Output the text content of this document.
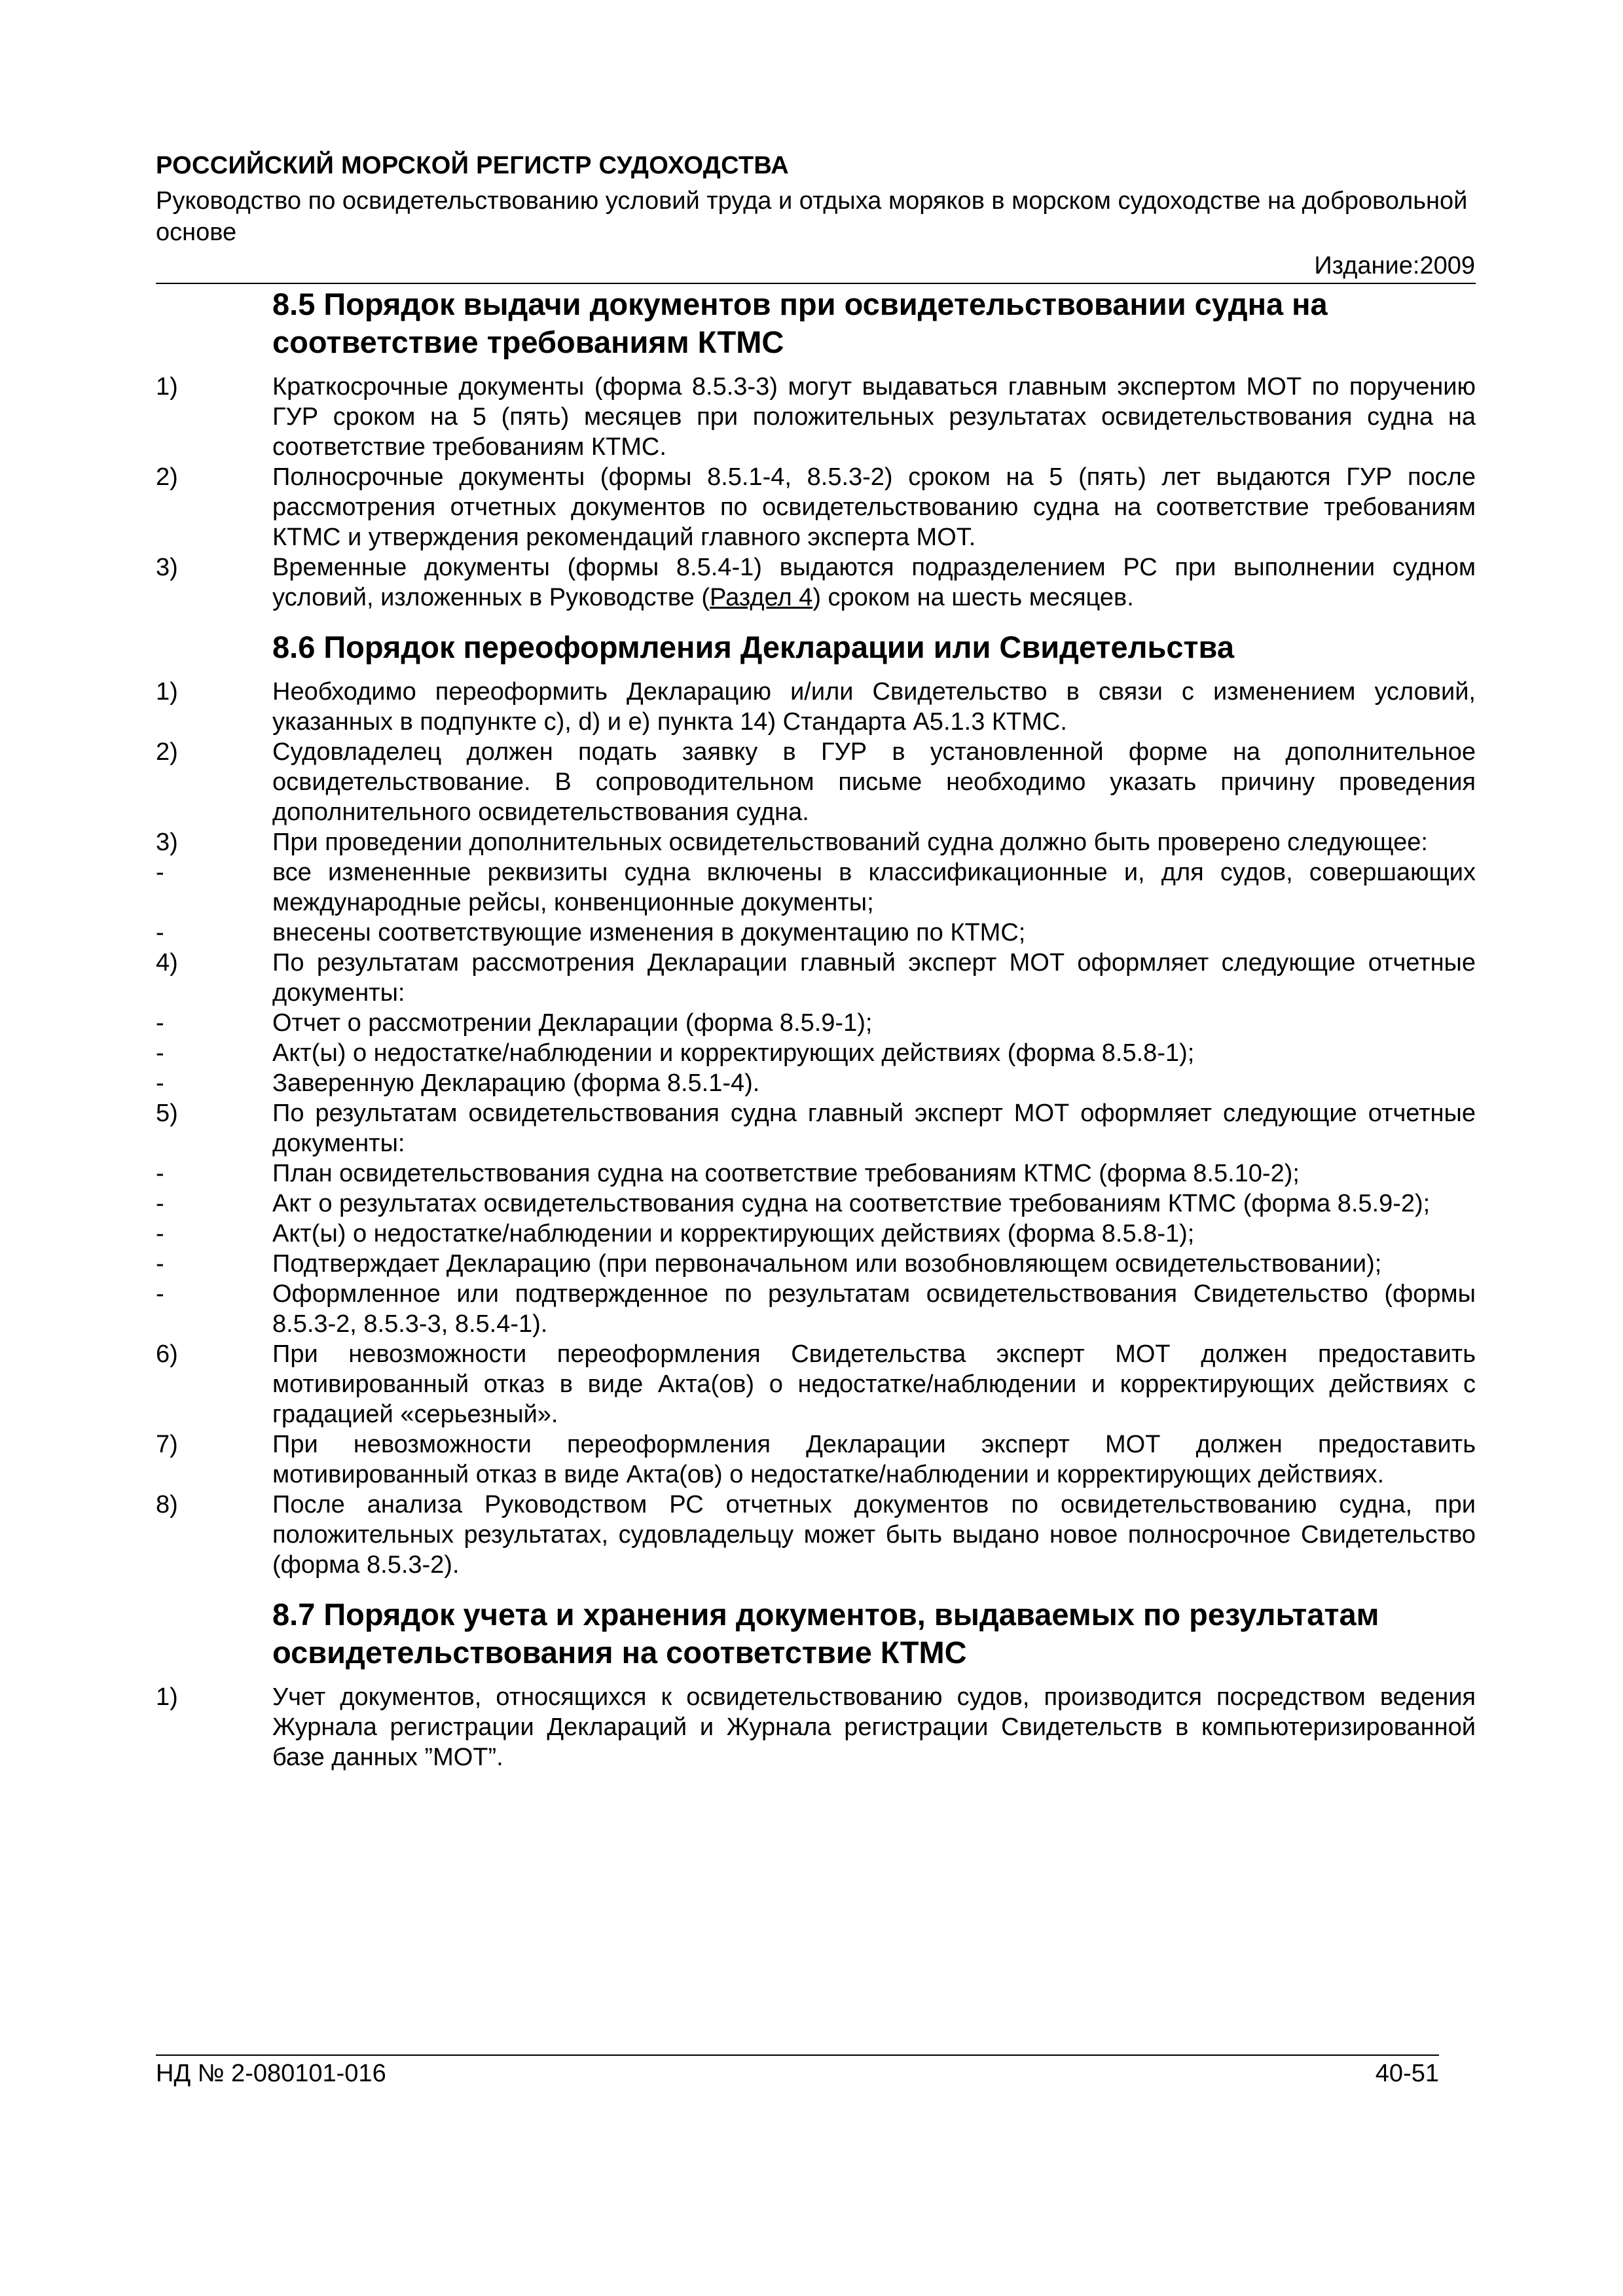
РОССИЙСКИЙ МОРСКОЙ РЕГИСТР СУДОХОДСТВА
Руководство по освидетельствованию условий труда и отдыха моряков в морском судоходстве на добровольной основе
Издание:2009
8.5 Порядок выдачи документов при освидетельствовании судна на соответствие требованиям КТМС
1)	Краткосрочные документы (форма 8.5.3-3) могут выдаваться главным экспертом МОТ по поручению ГУР сроком на 5 (пять) месяцев при положительных результатах освидетельствования судна на соответствие требованиям КТМС.
2)	Полносрочные документы (формы 8.5.1-4, 8.5.3-2) сроком на 5 (пять) лет выдаются ГУР после рассмотрения отчетных документов по освидетельствованию судна на соответствие требованиям КТМС и утверждения рекомендаций главного эксперта МОТ.
3)	Временные документы (формы 8.5.4-1) выдаются подразделением РС при выполнении судном условий, изложенных в Руководстве (Раздел 4) сроком на шесть месяцев.
8.6 Порядок переоформления Декларации или Свидетельства
1)	Необходимо переоформить Декларацию и/или Свидетельство в связи с изменением условий, указанных в подпункте c), d) и e) пункта 14) Стандарта A5.1.3 КТМС.
2)	Судовладелец должен подать заявку в ГУР в установленной форме на дополнительное освидетельствование. В сопроводительном письме необходимо указать причину проведения дополнительного освидетельствования судна.
3)	При проведении дополнительных освидетельствований судна должно быть проверено следующее:
-	все измененные реквизиты судна включены в классификационные и, для судов, совершающих международные рейсы, конвенционные документы;
-	внесены соответствующие изменения в документацию по КТМС;
4)	По результатам рассмотрения Декларации главный эксперт МОТ оформляет следующие отчетные документы:
-	Отчет о рассмотрении Декларации (форма 8.5.9-1);
-	Акт(ы) о недостатке/наблюдении и корректирующих действиях (форма 8.5.8-1);
-	Заверенную Декларацию (форма 8.5.1-4).
5)	По результатам освидетельствования судна главный эксперт МОТ оформляет следующие отчетные документы:
-	План освидетельствования судна на соответствие требованиям КТМС (форма 8.5.10-2);
-	Акт о результатах освидетельствования судна на соответствие требованиям КТМС (форма 8.5.9-2);
-	Акт(ы) о недостатке/наблюдении и корректирующих действиях (форма 8.5.8-1);
-	Подтверждает Декларацию (при первоначальном или возобновляющем освидетельствовании);
-	Оформленное или подтвержденное по результатам освидетельствования Свидетельство (формы 8.5.3-2, 8.5.3-3, 8.5.4-1).
6)	При невозможности переоформления Свидетельства эксперт МОТ должен предоставить мотивированный отказ в виде Акта(ов) о недостатке/наблюдении и корректирующих действиях с градацией «серьезный».
7)	При невозможности переоформления Декларации эксперт МОТ должен предоставить мотивированный отказ в виде Акта(ов) о недостатке/наблюдении и корректирующих действиях.
8)	После анализа Руководством РС отчетных документов по освидетельствованию судна, при положительных результатах, судовладельцу может быть выдано новое полносрочное Свидетельство (форма 8.5.3-2).
8.7 Порядок учета и хранения документов, выдаваемых по результатам освидетельствования на соответствие КТМС
1)	Учет документов, относящихся к освидетельствованию судов, производится посредством ведения Журнала регистрации Деклараций и Журнала регистрации Свидетельств в компьютеризированной базе данных ”МОТ”.
НД № 2-080101-016	40-51
